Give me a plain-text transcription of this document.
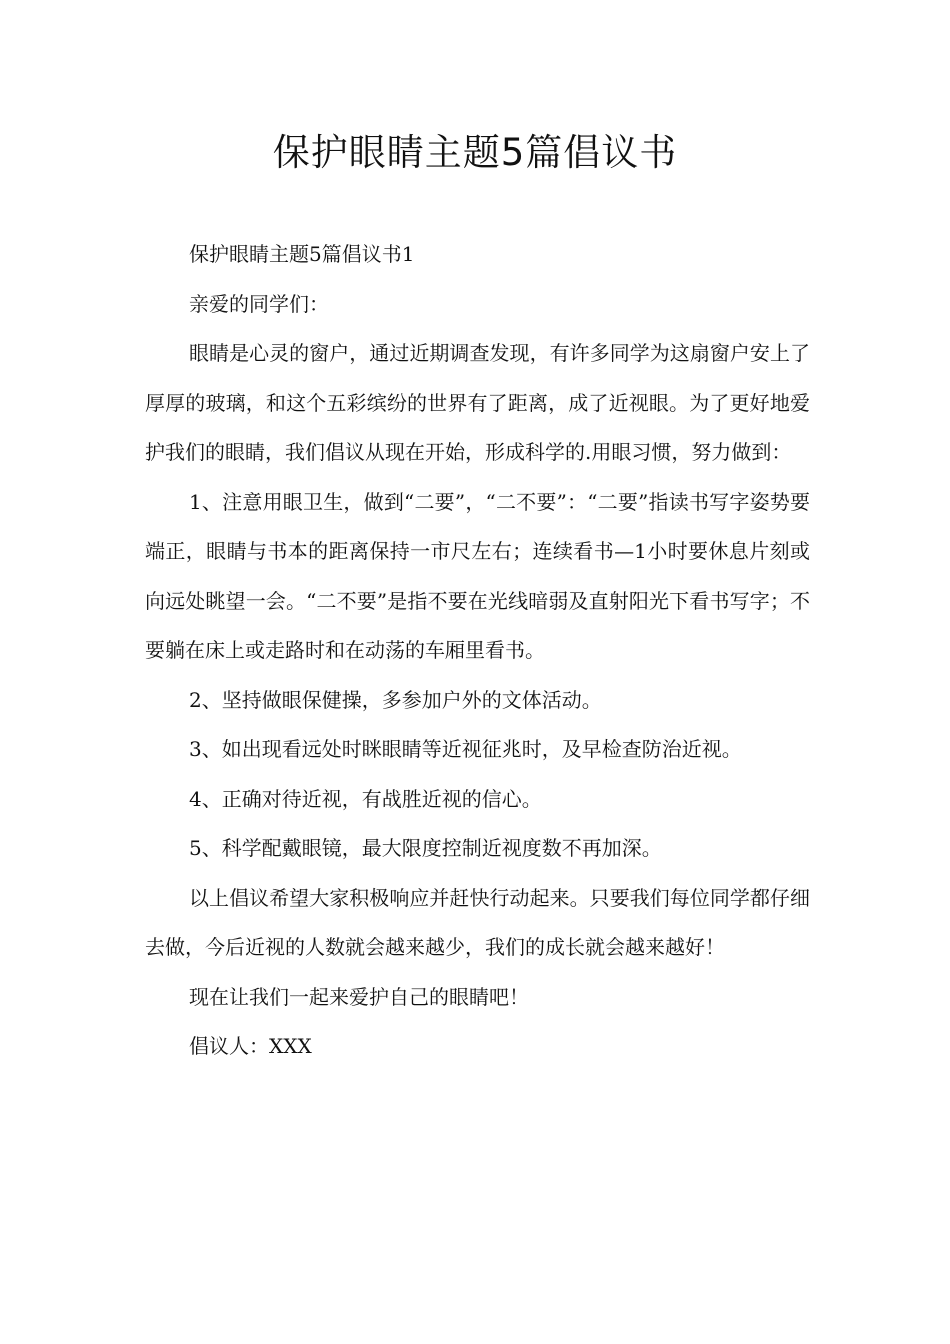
保护眼睛主题5篇倡议书

保护眼睛主题5篇倡议书1

亲爱的同学们：

眼睛是心灵的窗户，通过近期调查发现，有许多同学为这扇窗户安上了厚厚的玻璃，和这个五彩缤纷的世界有了距离，成了近视眼。为了更好地爱护我们的眼睛，我们倡议从现在开始，形成科学的.用眼习惯，努力做到：

1、注意用眼卫生，做到“二要”，“二不要”：“二要”指读书写字姿势要端正，眼睛与书本的距离保持一市尺左右；连续看书—1小时要休息片刻或向远处眺望一会。“二不要”是指不要在光线暗弱及直射阳光下看书写字；不要躺在床上或走路时和在动荡的车厢里看书。

2、坚持做眼保健操，多参加户外的文体活动。

3、如出现看远处时眯眼睛等近视征兆时，及早检查防治近视。

4、正确对待近视，有战胜近视的信心。

5、科学配戴眼镜，最大限度控制近视度数不再加深。

以上倡议希望大家积极响应并赶快行动起来。只要我们每位同学都仔细去做，今后近视的人数就会越来越少，我们的成长就会越来越好！

现在让我们一起来爱护自己的眼睛吧！

倡议人：XXX
